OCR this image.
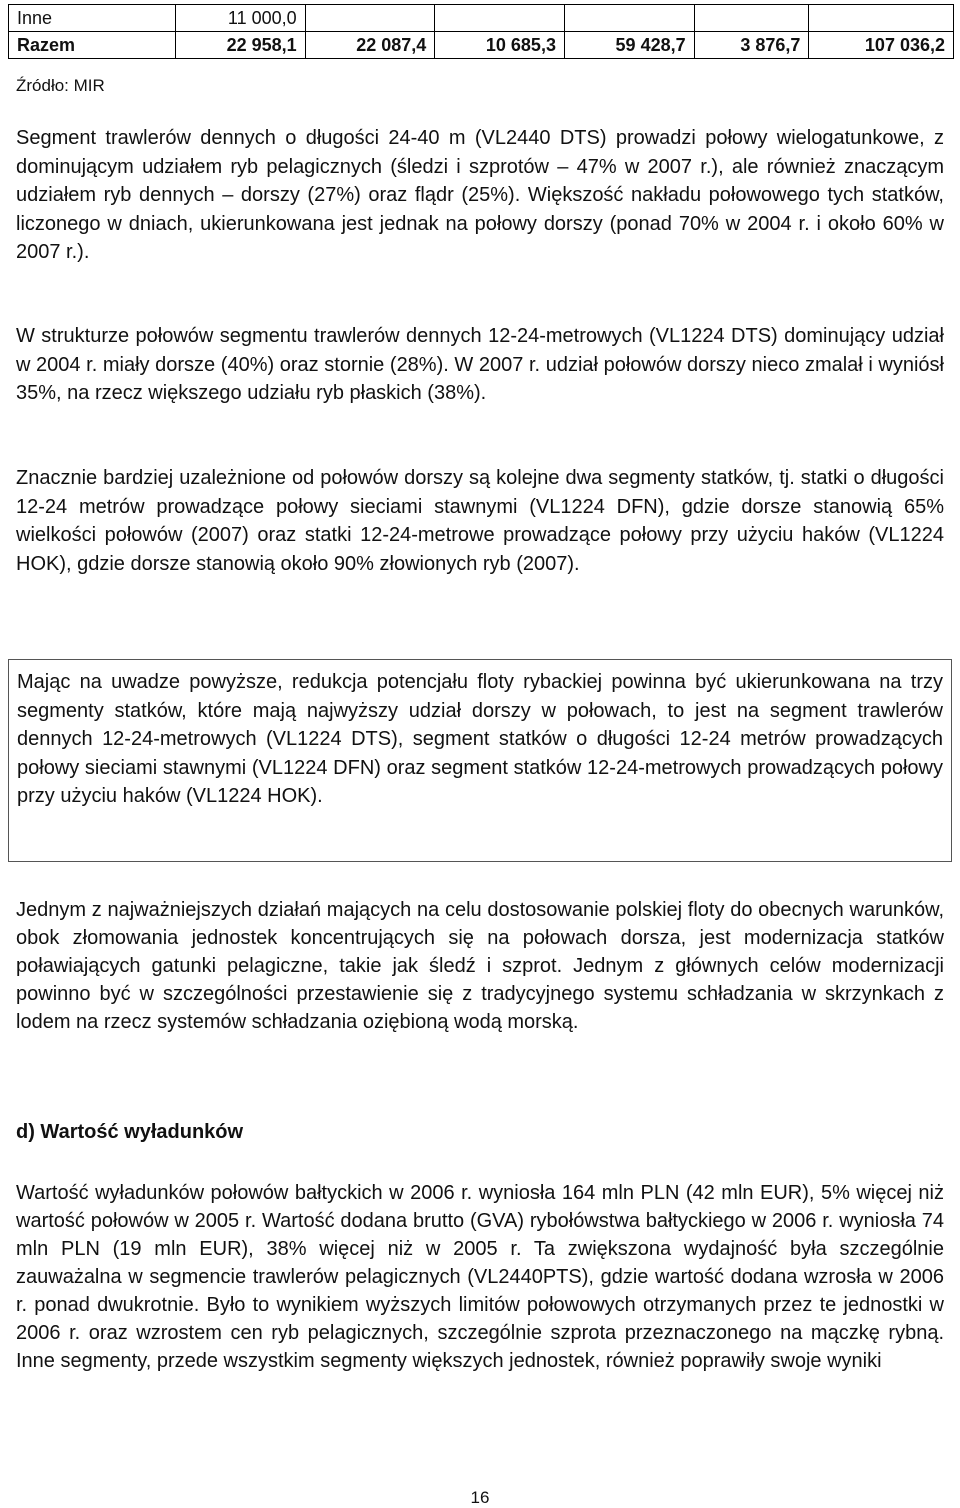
Inne	11 000,0					
Razem	22 958,1	22 087,4	10 685,3	59 428,7	3 876,7	107 036,2
Źródło: MIR

Segment trawlerów dennych o długości 24-40 m (VL2440 DTS) prowadzi połowy wielogatunkowe, z dominującym udziałem ryb pelagicznych (śledzi i szprotów – 47% w 2007 r.), ale również znaczącym udziałem ryb dennych – dorszy (27%) oraz flądr (25%). Większość nakładu połowowego tych statków, liczonego w dniach, ukierunkowana jest jednak na połowy dorszy (ponad 70% w 2004 r. i około 60% w 2007 r.).

W strukturze połowów segmentu trawlerów dennych 12-24-metrowych (VL1224 DTS) dominujący udział w 2004 r. miały dorsze (40%) oraz stornie (28%). W 2007 r. udział połowów dorszy nieco zmalał i wyniósł 35%, na rzecz większego udziału ryb płaskich (38%).

Znacznie bardziej uzależnione od połowów dorszy są kolejne dwa segmenty statków, tj. statki o długości 12-24 metrów prowadzące połowy sieciami stawnymi (VL1224 DFN), gdzie dorsze stanowią 65% wielkości połowów (2007) oraz statki 12-24-metrowe prowadzące połowy przy użyciu haków (VL1224 HOK), gdzie dorsze stanowią około 90% złowionych ryb (2007).

Mając na uwadze powyższe, redukcja potencjału floty rybackiej powinna być ukierunkowana na trzy segmenty statków, które mają najwyższy udział dorszy w połowach, to jest na segment trawlerów dennych 12-24-metrowych (VL1224 DTS), segment statków o długości 12-24 metrów prowadzących połowy sieciami stawnymi (VL1224 DFN) oraz segment statków 12-24-metrowych prowadzących połowy przy użyciu haków (VL1224 HOK).

Jednym z najważniejszych działań mających na celu dostosowanie polskiej floty do obecnych warunków, obok złomowania jednostek koncentrujących się na połowach dorsza, jest modernizacja statków poławiających gatunki pelagiczne, takie jak śledź i szprot. Jednym z głównych celów modernizacji powinno być w szczególności przestawienie się z tradycyjnego systemu schładzania w skrzynkach z lodem na rzecz systemów schładzania oziębioną wodą morską.

d) Wartość wyładunków

Wartość wyładunków połowów bałtyckich w 2006 r. wyniosła 164 mln PLN (42 mln EUR), 5% więcej niż wartość połowów w 2005 r. Wartość dodana brutto (GVA) rybołówstwa bałtyckiego w 2006 r. wyniosła 74 mln PLN (19 mln EUR), 38% więcej niż w 2005 r. Ta zwiększona wydajność była szczególnie zauważalna w segmencie trawlerów pelagicznych (VL2440PTS), gdzie wartość dodana wzrosła w 2006 r. ponad dwukrotnie. Było to wynikiem wyższych limitów połowowych otrzymanych przez te jednostki w 2006 r. oraz wzrostem cen ryb pelagicznych, szczególnie szprota przeznaczonego na mączkę rybną. Inne segmenty, przede wszystkim segmenty większych jednostek, również poprawiły swoje wyniki

16
